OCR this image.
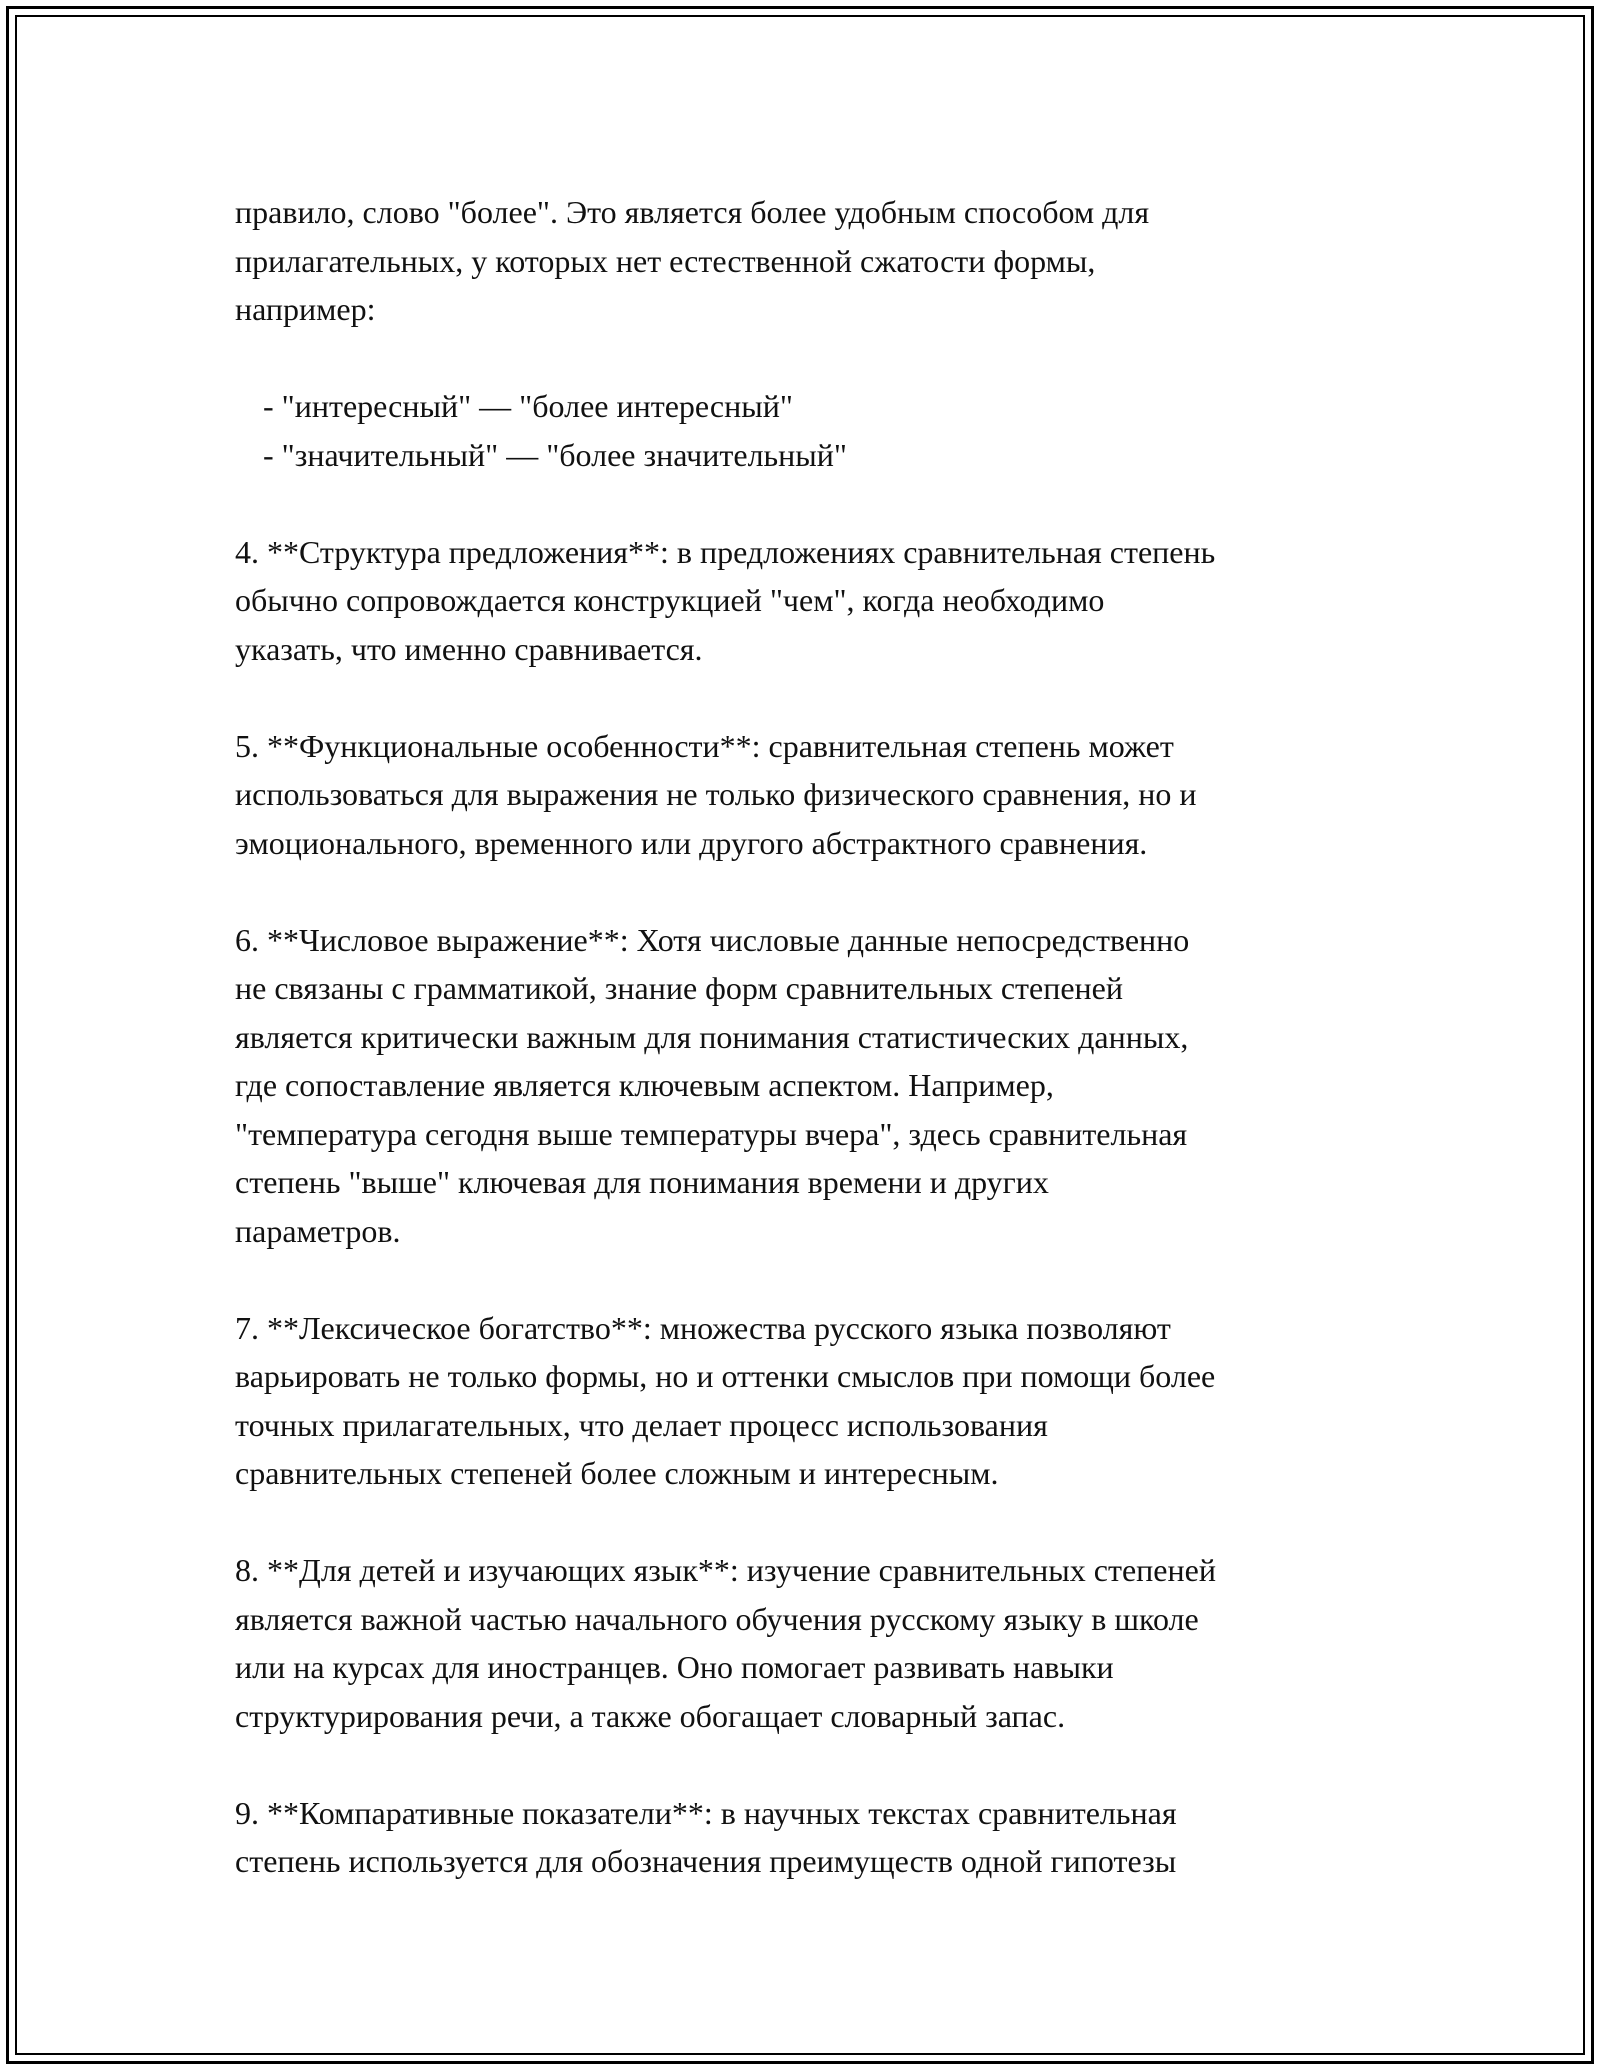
правило, слово "более". Это является более удобным способом для
прилагательных, у которых нет естественной сжатости формы,
например:

- "интересный" — "более интересный"

- "значительный" — "более значительный"

4. **Структура предложения**: в предложениях сравнительная степень
обычно сопровождается конструкцией "чем", когда необходимо
указать, что именно сравнивается.

5. **Функциональные особенности**: сравнительная степень может
использоваться для выражения не только физического сравнения, но и
эмоционального, временного или другого абстрактного сравнения.

6. **Числовое выражение**: Хотя числовые данные непосредственно
не связаны с грамматикой, знание форм сравнительных степеней
является критически важным для понимания статистических данных,
где сопоставление является ключевым аспектом. Например,
"температура сегодня выше температуры вчера", здесь сравнительная
степень "выше" ключевая для понимания времени и других
параметров.

7. **Лексическое богатство**: множества русского языка позволяют
варьировать не только формы, но и оттенки смыслов при помощи более
точных прилагательных, что делает процесс использования
сравнительных степеней более сложным и интересным.

8. **Для детей и изучающих язык**: изучение сравнительных степеней
является важной частью начального обучения русскому языку в школе
или на курсах для иностранцев. Оно помогает развивать навыки
структурирования речи, а также обогащает словарный запас.

9. **Компаративные показатели**: в научных текстах сравнительная
степень используется для обозначения преимуществ одной гипотезы
